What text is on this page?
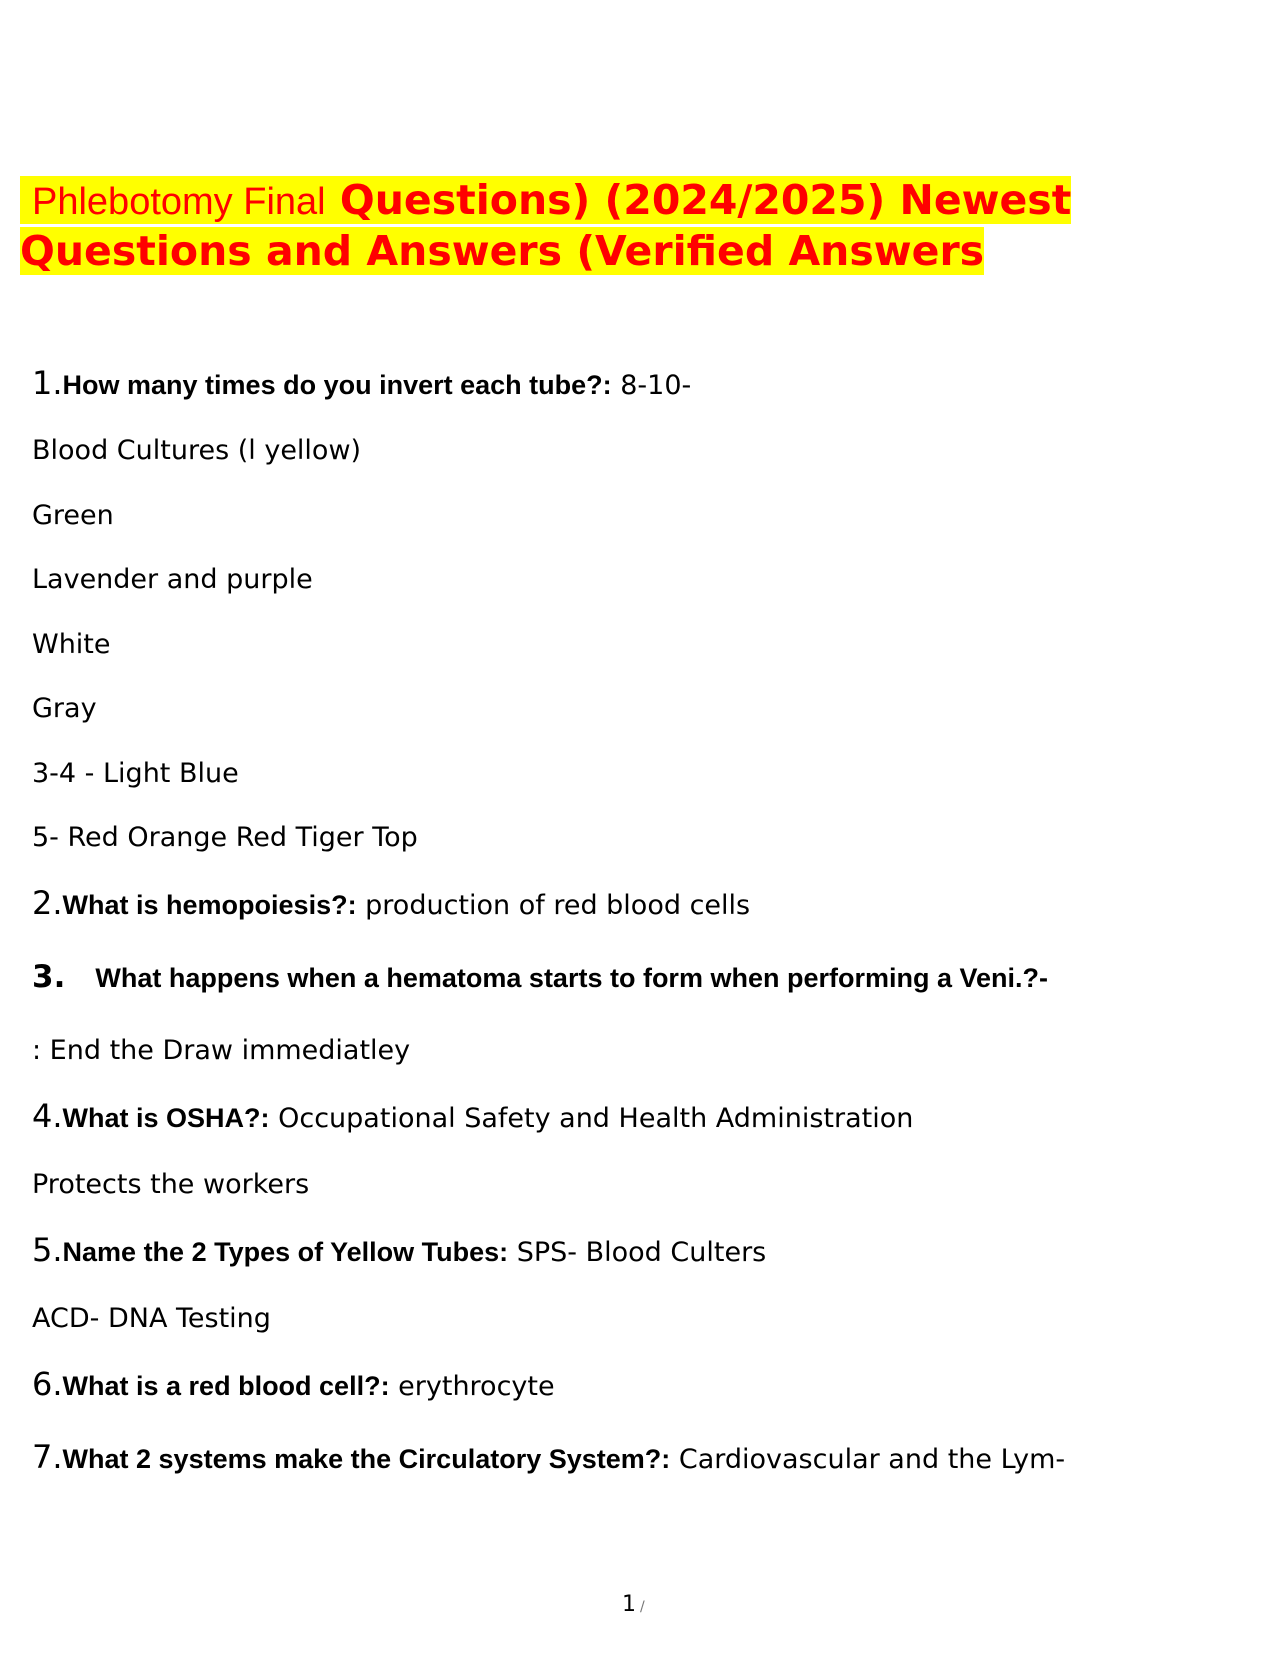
Phlebotomy Final Questions) (2024/2025) Newest
Questions and Answers (Verified Answers
1.How many times do you invert each tube?: 8-10-
Blood Cultures (l yellow)
Green
Lavender and purple
White
Gray
3-4 - Light Blue
5- Red Orange Red Tiger Top
2.What is hemopoiesis?: production of red blood cells
3. What happens when a hematoma starts to form when performing a Veni.?-
: End the Draw immediatley
4.What is OSHA?: Occupational Safety and Health Administration
Protects the workers
5.Name the 2 Types of Yellow Tubes: SPS- Blood Culters
ACD- DNA Testing
6.What is a red blood cell?: erythrocyte
7.What 2 systems make the Circulatory System?: Cardiovascular and the Lym-
1 /
